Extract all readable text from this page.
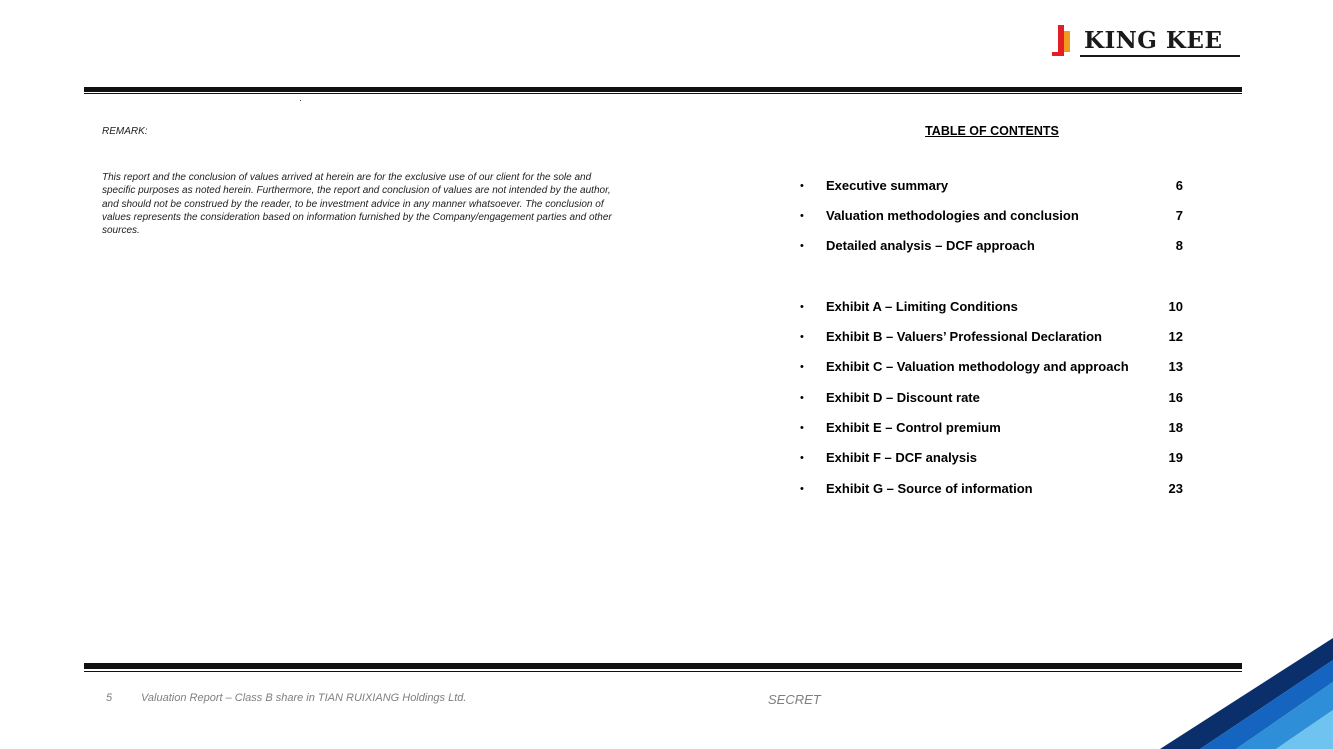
KING KEE
REMARK:
This report and the conclusion of values arrived at herein are for the exclusive use of our client for the sole and specific purposes as noted herein. Furthermore, the report and conclusion of values are not intended by the author, and should not be construed by the reader, to be investment advice in any manner whatsoever. The conclusion of values represents the consideration based on information furnished by the Company/engagement parties and other sources.
TABLE OF CONTENTS
• Executive summary	6
• Valuation methodologies and conclusion	7
• Detailed analysis – DCF approach	8
• Exhibit A – Limiting Conditions	10
• Exhibit B – Valuers’ Professional Declaration	12
• Exhibit C – Valuation methodology and approach	13
• Exhibit D – Discount rate	16
• Exhibit E – Control premium	18
• Exhibit F – DCF analysis	19
• Exhibit G – Source of information	23
5	Valuation Report – Class B share in TIAN RUIXIANG Holdings Ltd.	SECRET
